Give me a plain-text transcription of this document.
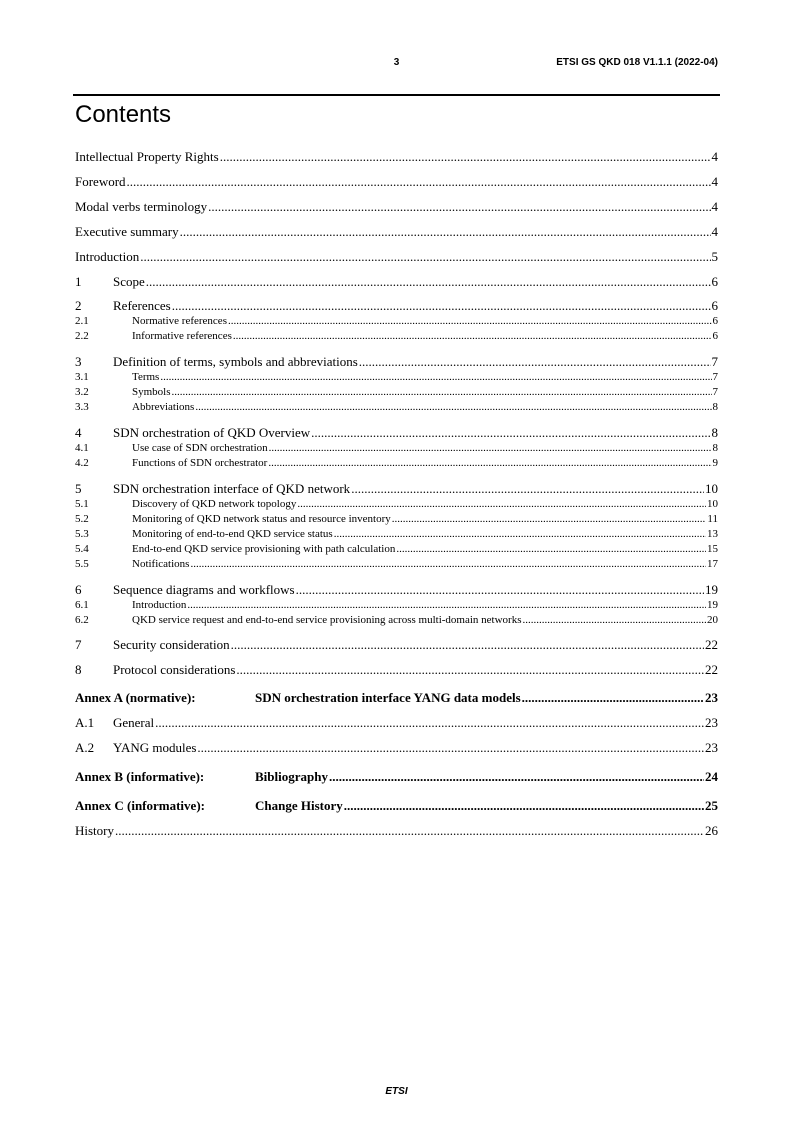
3	ETSI GS QKD 018 V1.1.1 (2022-04)
Contents
Intellectual Property Rights .....	4
Foreword .....	4
Modal verbs terminology .....	4
Executive summary .....	4
Introduction .....	5
1	Scope .....	6
2	References .....	6
2.1	Normative references .....	6
2.2	Informative references .....	6
3	Definition of terms, symbols and abbreviations .....	7
3.1	Terms .....	7
3.2	Symbols .....	7
3.3	Abbreviations .....	8
4	SDN orchestration of QKD Overview .....	8
4.1	Use case of SDN orchestration .....	8
4.2	Functions of SDN orchestrator .....	9
5	SDN orchestration interface of QKD network .....	10
5.1	Discovery of QKD network topology .....	10
5.2	Monitoring of QKD network status and resource inventory .....	11
5.3	Monitoring of end-to-end QKD service status .....	13
5.4	End-to-end QKD service provisioning with path calculation .....	15
5.5	Notifications .....	17
6	Sequence diagrams and workflows .....	19
6.1	Introduction .....	19
6.2	QKD service request and end-to-end service provisioning across multi-domain networks .....	20
7	Security consideration .....	22
8	Protocol considerations .....	22
Annex A (normative):	SDN orchestration interface YANG data models .....	23
A.1	General .....	23
A.2	YANG modules .....	23
Annex B (informative):	Bibliography .....	24
Annex C (informative):	Change History .....	25
History .....	26
ETSI
